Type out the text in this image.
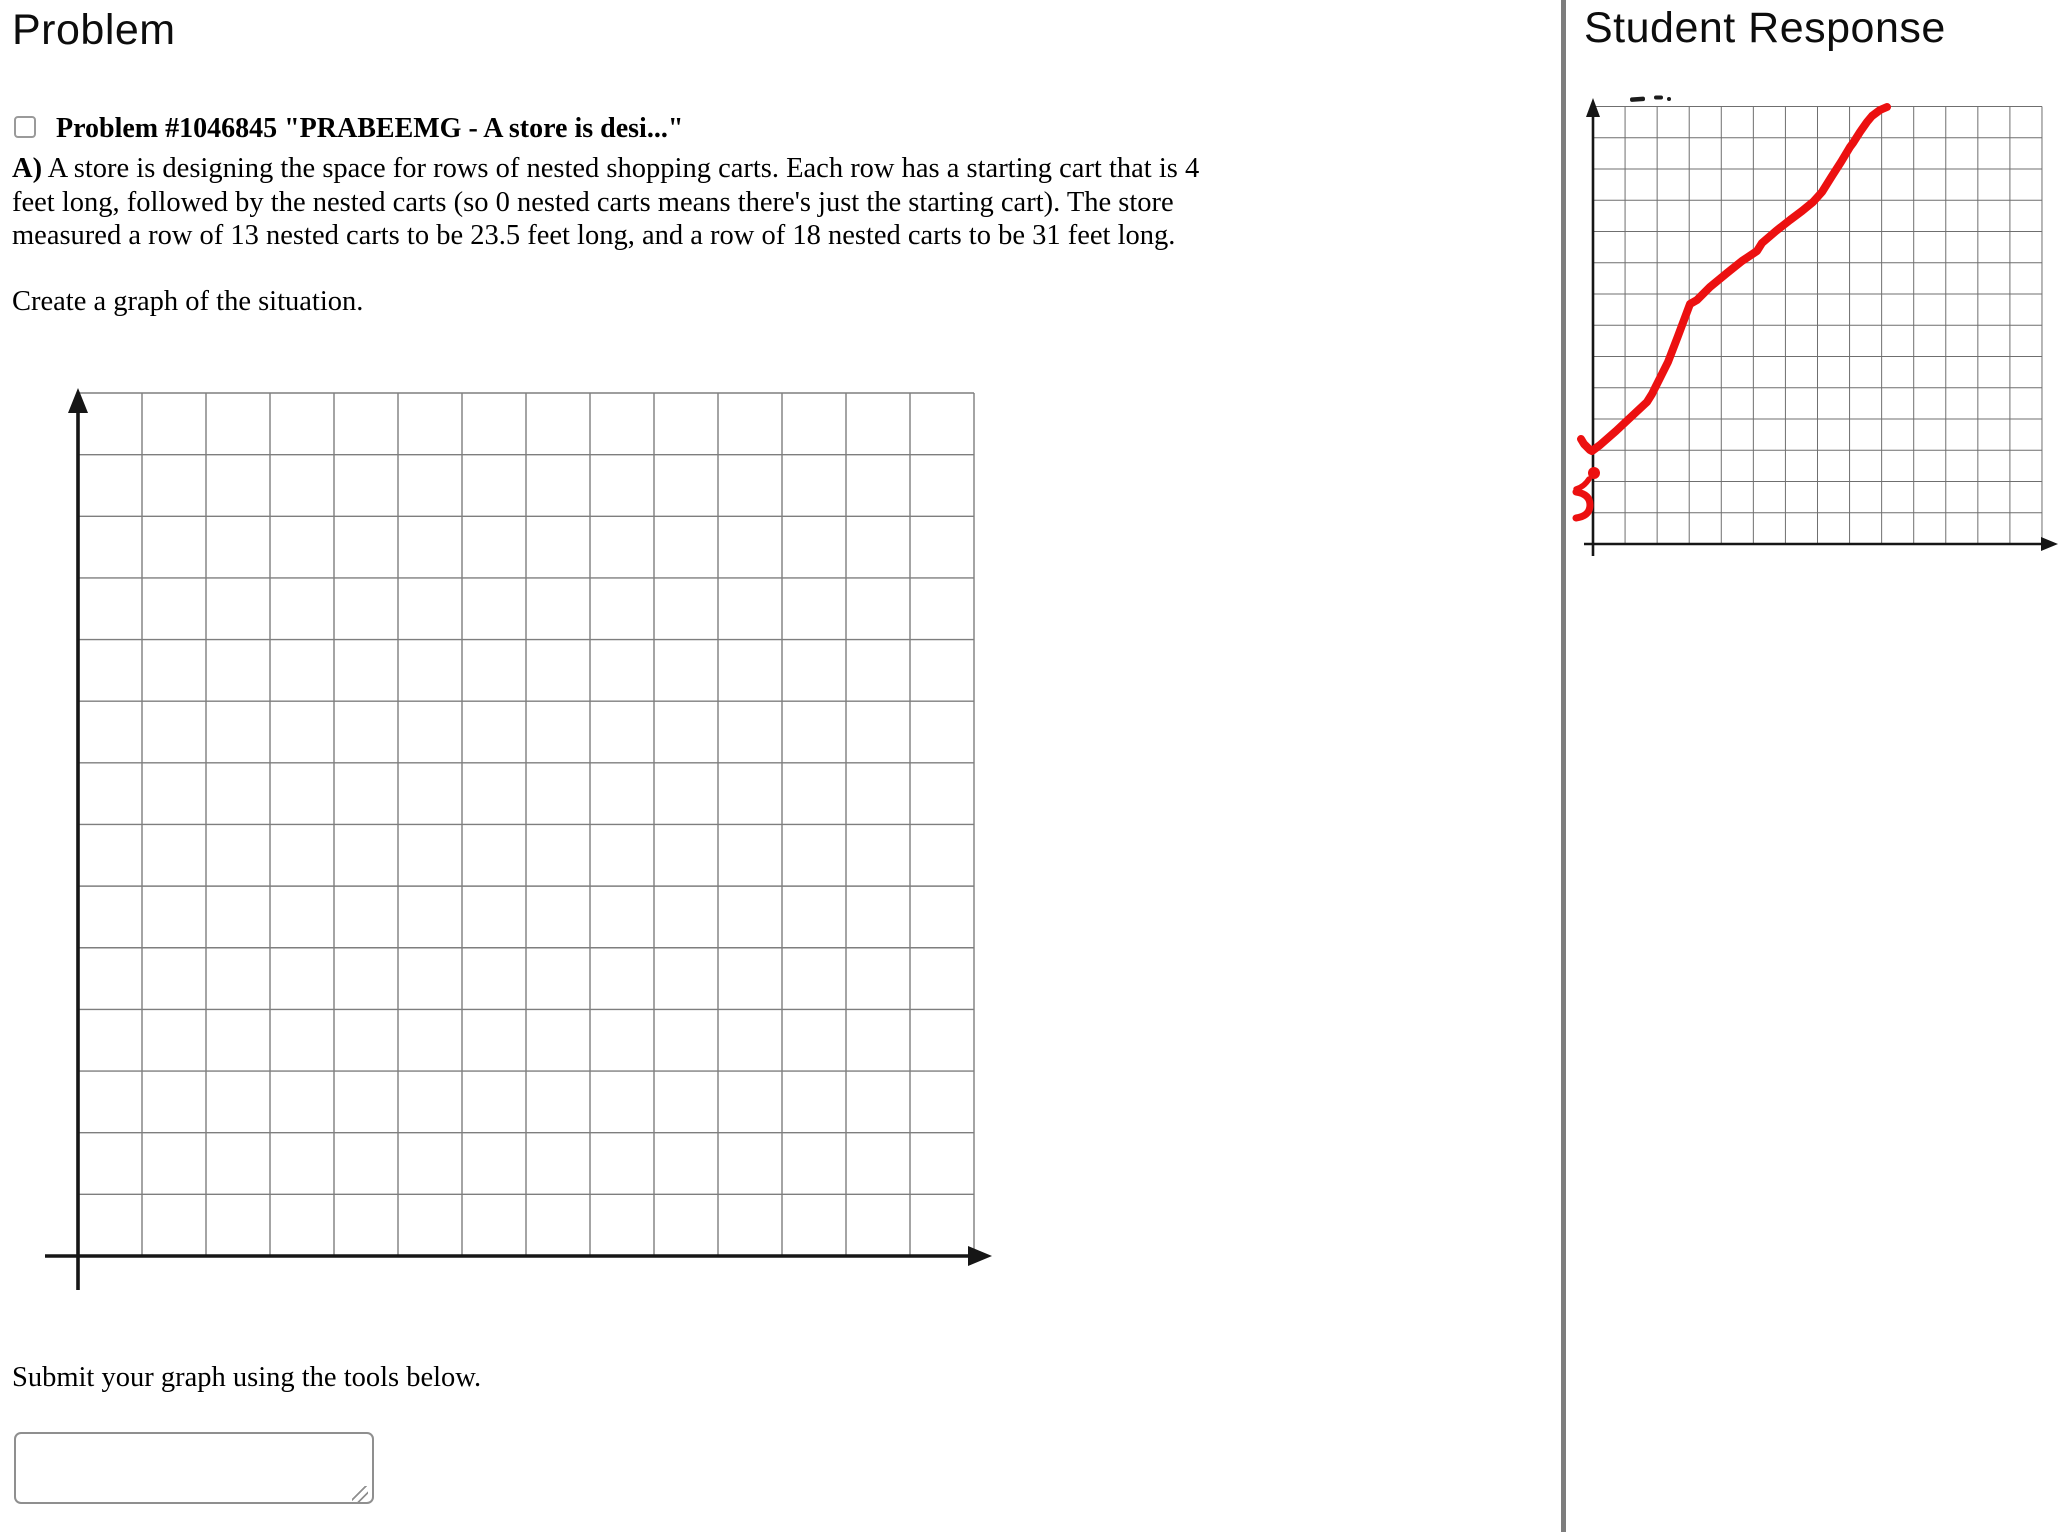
Problem
Problem #1046845 "PRABEEMG - A store is desi..."
A) A store is designing the space for rows of nested shopping carts. Each row has a starting cart that is 4
feet long, followed by the nested carts (so 0 nested carts means there's just the starting cart). The store
measured a row of 13 nested carts to be 23.5 feet long, and a row of 18 nested carts to be 31 feet long.
Create a graph of the situation.
Submit your graph using the tools below.
Student Response
